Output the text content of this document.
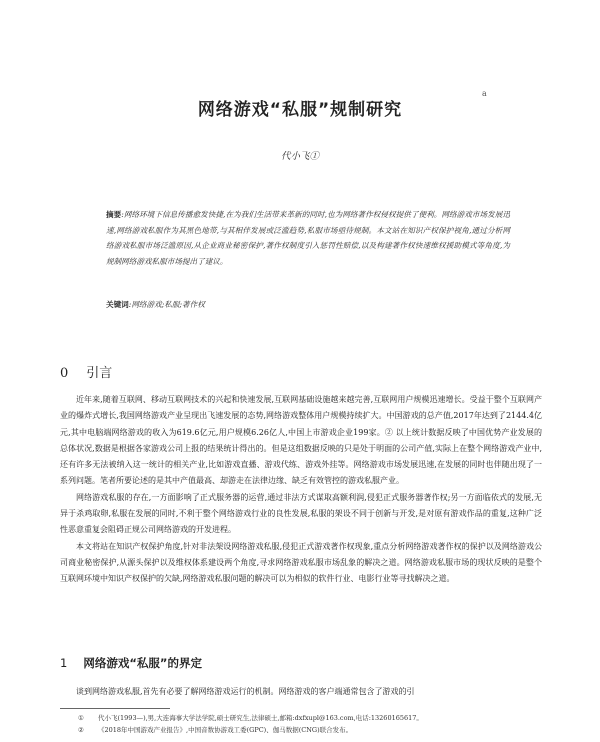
a
网络游戏“私服”规制研究
代小飞①
摘要:网络环境下信息传播愈发快捷,在为我们生活带来革新的同时,也为网络著作权侵权提供了便利。网络游戏市场发展迅速,网络游戏私服作为其黑色地带,与其相伴发展或泛滥趋势,私服市场亟待规制。本文站在知识产权保护视角,通过分析网络游戏私服市场泛滥原因,从企业商业秘密保护,著作权制度引入惩罚性赔偿,以及构建著作权快速维权援助模式等角度,为规制网络游戏私服市场提出了建议。
关键词:网络游戏;私服;著作权
0 引言

近年来,随着互联网、移动互联网技术的兴起和快速发展,互联网基础设施越来越完善,互联网用户规模迅速增长。受益于整个互联网产业的爆炸式增长,我国网络游戏产业呈现出飞速发展的态势,网络游戏整体用户规模持续扩大。中国游戏的总产值,2017年达到了2144.4亿元,其中电脑端网络游戏的收入为619.6亿元,用户规模6.26亿人,中国上市游戏企业199家。② 以上统计数据反映了中国优势产业发展的总体状况,数据是根据各家游戏公司上报的结果统计得出的。但是这组数据反映的只是处于明面的公司产值,实际上在整个网络游戏产业中,还有许多无法被纳入这一统计的相关产业,比如游戏直播、游戏代练、游戏外挂等。网络游戏市场发展迅速,在发展的同时也伴随出现了一系列问题。笔者所要论述的是其中产值最高、却游走在法律边缘、缺乏有效管控的游戏私服产业。

网络游戏私服的存在,一方面影响了正式服务器的运营,通过非法方式谋取高额利润,侵犯正式服务器著作权;另一方面临依式的发展,无异于杀鸡取卵,私服在发展的同时,不利于整个网络游戏行业的良性发展,私服的架设不同于创新与开发,是对原有游戏作品的重复,这种广泛性恶意重复会阻碍正规公司网络游戏的开发进程。

本文将站在知识产权保护角度,针对非法架设网络游戏私服,侵犯正式游戏著作权现象,重点分析网络游戏著作权的保护以及网络游戏公司商业秘密保护,从源头保护以及维权体系建设两个角度,寻求网络游戏私服市场乱象的解决之道。网络游戏私服市场的现状反映的是整个互联网环境中知识产权保护的欠缺,网络游戏私服问题的解决可以为相似的软件行业、电影行业等寻找解决之道。

1 网络游戏“私服”的界定

谈到网络游戏私服,首先有必要了解网络游戏运行的机制。网络游戏的客户端通常包含了游戏的引

① 代小飞(1993—),男,大连海事大学法学院,硕士研究生,法律硕士,邮箱:dxfxupl@163.com,电话:13260165617。
② 《2018年中国游戏产业报告》,中国音数协游戏工委(GPC)、伽马数据(CNG)联合发布。
